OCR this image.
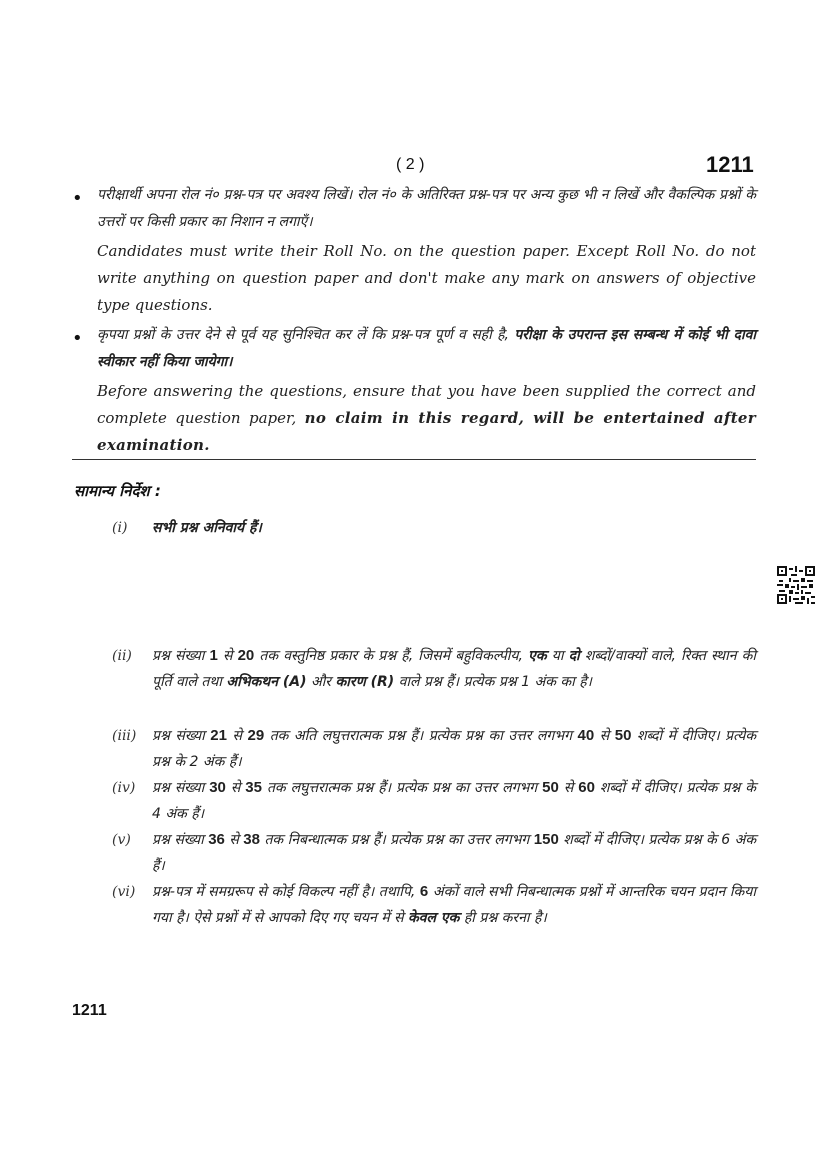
( 2 )	1211
• परीक्षार्थी अपना रोल नं० प्रश्न-पत्र पर अवश्य लिखें। रोल नं० के अतिरिक्त प्रश्न-पत्र पर अन्य कुछ भी न लिखें और वैकल्पिक प्रश्नों के उत्तरों पर किसी प्रकार का निशान न लगाएँ।
Candidates must write their Roll No. on the question paper. Except Roll No. do not write anything on question paper and don't make any mark on answers of objective type questions.
• कृपया प्रश्नों के उत्तर देने से पूर्व यह सुनिश्चित कर लें कि प्रश्न-पत्र पूर्ण व सही है, परीक्षा के उपरान्त इस सम्बन्ध में कोई भी दावा स्वीकार नहीं किया जायेगा।
Before answering the questions, ensure that you have been supplied the correct and complete question paper, no claim in this regard, will be entertained after examination.
सामान्य निर्देश :
(i) सभी प्रश्न अनिवार्य हैं।
(ii) प्रश्न संख्या 1 से 20 तक वस्तुनिष्ठ प्रकार के प्रश्न हैं, जिसमें बहुविकल्पीय, एक या दो शब्दों/वाक्यों वाले, रिक्त स्थान की पूर्ति वाले तथा अभिकथन (A) और कारण (R) वाले प्रश्न हैं। प्रत्येक प्रश्न 1 अंक का है।
(iii) प्रश्न संख्या 21 से 29 तक अति लघुत्तरात्मक प्रश्न हैं। प्रत्येक प्रश्न का उत्तर लगभग 40 से 50 शब्दों में दीजिए। प्रत्येक प्रश्न के 2 अंक हैं।
(iv) प्रश्न संख्या 30 से 35 तक लघुत्तरात्मक प्रश्न हैं। प्रत्येक प्रश्न का उत्तर लगभग 50 से 60 शब्दों में दीजिए। प्रत्येक प्रश्न के 4 अंक हैं।
(v) प्रश्न संख्या 36 से 38 तक निबन्धात्मक प्रश्न हैं। प्रत्येक प्रश्न का उत्तर लगभग 150 शब्दों में दीजिए। प्रत्येक प्रश्न के 6 अंक हैं।
(vi) प्रश्न-पत्र में समग्ररूप से कोई विकल्प नहीं है। तथापि, 6 अंकों वाले सभी निबन्धात्मक प्रश्नों में आन्तरिक चयन प्रदान किया गया है। ऐसे प्रश्नों में से आपको दिए गए चयन में से केवल एक ही प्रश्न करना है।
1211
